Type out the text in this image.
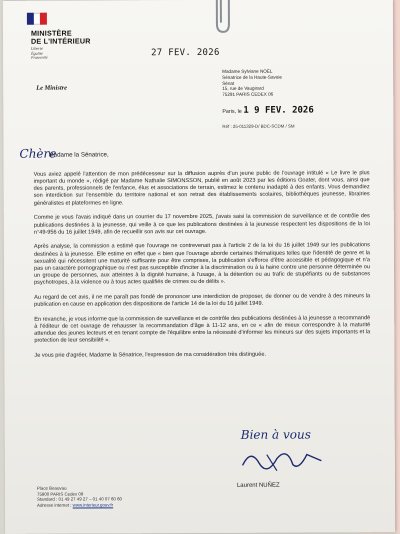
MINISTÈRE
DE L'INTÉRIEUR
Liberté
Égalité
Fraternité
Le Ministre
27 FEV. 2026
Madame Sylviane NOËL
Sénatrice de la Haute-Savoie
Sénat
15, rue de Vaugirard
75291 PARIS CEDEX 06
Paris, le 1 9 FEV. 2026
Réf : 25-011329-D/ BDC-SCDM / SM
Chère
Madame la Sénatrice,

Vous aviez appelé l'attention de mon prédécesseur sur la diffusion auprès d'un jeune public de l'ouvrage intitulé « Le livre le plus important du monde », rédigé par Madame Nathalie SIMONSSON, publié en août 2023 par les éditions Goater, dont vous, ainsi que des parents, professionnels de l'enfance, élus et associations de terrain, estimez le contenu inadapté à des enfants. Vous demandiez son interdiction sur l'ensemble du territoire national et son retrait des établissements scolaires, bibliothèques jeunesse, librairies généralistes et plateformes en ligne.

Comme je vous l'avais indiqué dans un courrier du 17 novembre 2025, j'avais saisi la commission de surveillance et de contrôle des publications destinées à la jeunesse, qui veille à ce que les publications destinées à la jeunesse respectent les dispositions de la loi n°49-956 du 16 juillet 1949, afin de recueillir son avis sur cet ouvrage.

Après analyse, la commission a estimé que l'ouvrage ne contrevenait pas à l'article 2 de la loi du 16 juillet 1949 sur les publications destinées à la jeunesse. Elle estime en effet que « bien que l'ouvrage aborde certaines thématiques telles que l'identité de genre et la sexualité qui nécessitent une maturité suffisante pour être comprises, la publication s'efforce d'être accessible et pédagogique et n'a pas un caractère pornographique ou n'est pas susceptible d'inciter à la discrimination ou à la haine contre une personne déterminée ou un groupe de personnes, aux atteintes à la dignité humaine, à l'usage, à la détention ou au trafic de stupéfiants ou de substances psychotropes, à la violence ou à tous actes qualifiés de crimes ou de délits ».

Au regard de cet avis, il ne me paraît pas fondé de prononcer une interdiction de proposer, de donner ou de vendre à des mineurs la publication en cause en application des dispositions de l'article 14 de la loi du 16 juillet 1949.

En revanche, je vous informe que la commission de surveillance et de contrôle des publications destinées à la jeunesse a recommandé à l'éditeur de cet ouvrage de rehausser la recommandation d'âge à 11-12 ans, en ce « afin de mieux correspondre à la maturité attendue des jeunes lecteurs et en tenant compte de l'équilibre entre la nécessité d'informer les mineurs sur des sujets importants et la protection de leur sensibilité ».

Je vous prie d'agréer, Madame la Sénatrice, l'expression de ma considération très distinguée.

Bien à vous
Laurent NUÑEZ
Place Beauvau
75800 PARIS Cedex 08
Standard : 01 49 27 49 27 – 01 40 07 60 60
Adresse internet : www.interieur.gouv.fr
